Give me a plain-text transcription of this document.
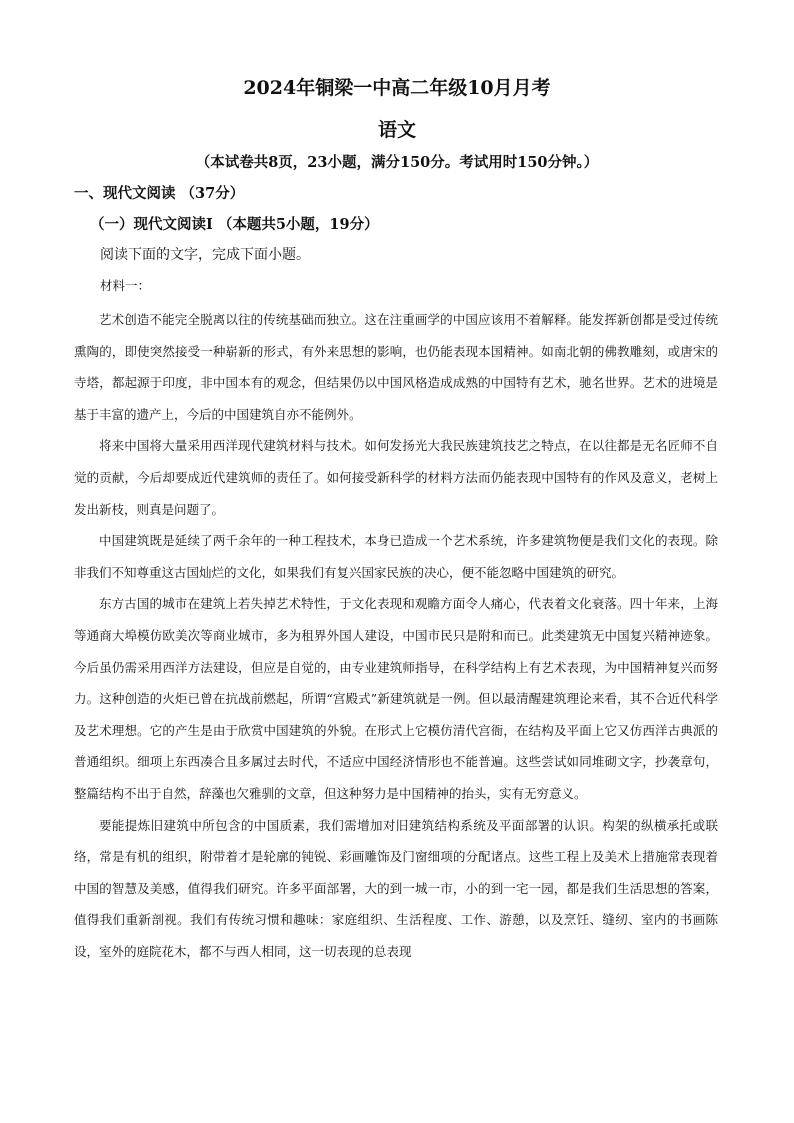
2024年铜梁一中高二年级10月月考
语文
（本试卷共8页，23小题，满分150分。考试用时150分钟。）
一、现代文阅读 （37分）
（一）现代文阅读Ⅰ （本题共5小题，19分）
阅读下面的文字，完成下面小题。
材料一：

艺术创造不能完全脱离以往的传统基础而独立。这在注重画学的中国应该用不着解释。能发挥新创都是受过传统熏陶的，即使突然接受一种崭新的形式，有外来思想的影响，也仍能表现本国精神。如南北朝的佛教雕刻，或唐宋的寺塔，都起源于印度，非中国本有的观念，但结果仍以中国风格造成成熟的中国特有艺术，驰名世界。艺术的进境是基于丰富的遗产上，今后的中国建筑自亦不能例外。

将来中国将大量采用西洋现代建筑材料与技术。如何发扬光大我民族建筑技艺之特点，在以往都是无名匠师不自觉的贡献，今后却要成近代建筑师的责任了。如何接受新科学的材料方法而仍能表现中国特有的作风及意义，老树上发出新枝，则真是问题了。

中国建筑既是延续了两千余年的一种工程技术，本身已造成一个艺术系统，许多建筑物便是我们文化的表现。除非我们不知尊重这古国灿烂的文化，如果我们有复兴国家民族的决心，便不能忽略中国建筑的研究。

东方古国的城市在建筑上若失掉艺术特性，于文化表现和观瞻方面令人痛心，代表着文化衰落。四十年来，上海等通商大埠模仿欧美次等商业城市，多为租界外国人建设，中国市民只是附和而已。此类建筑无中国复兴精神迹象。今后虽仍需采用西洋方法建设，但应是自觉的，由专业建筑师指导，在科学结构上有艺术表现，为中国精神复兴而努力。这种创造的火炬已曾在抗战前燃起，所谓“宫殿式”新建筑就是一例。但以最清醒建筑理论来看，其不合近代科学及艺术理想。它的产生是由于欣赏中国建筑的外貌。在形式上它模仿清代宫衙，在结构及平面上它又仿西洋古典派的普通组织。细项上东西凑合且多属过去时代，不适应中国经济情形也不能普遍。这些尝试如同堆砌文字，抄袭章句，整篇结构不出于自然，辞藻也欠雅驯的文章，但这种努力是中国精神的抬头，实有无穷意义。

要能提炼旧建筑中所包含的中国质素，我们需增加对旧建筑结构系统及平面部署的认识。构架的纵横承托或联络，常是有机的组织，附带着才是轮廓的钝锐、彩画雕饰及门窗细项的分配诸点。这些工程上及美术上措施常表现着中国的智慧及美感，值得我们研究。许多平面部署，大的到一城一市，小的到一宅一园，都是我们生活思想的答案，值得我们重新剖视。我们有传统习惯和趣味：家庭组织、生活程度、工作、游憩，以及烹饪、缝纫、室内的书画陈设，室外的庭院花木，都不与西人相同，这一切表现的总表现
